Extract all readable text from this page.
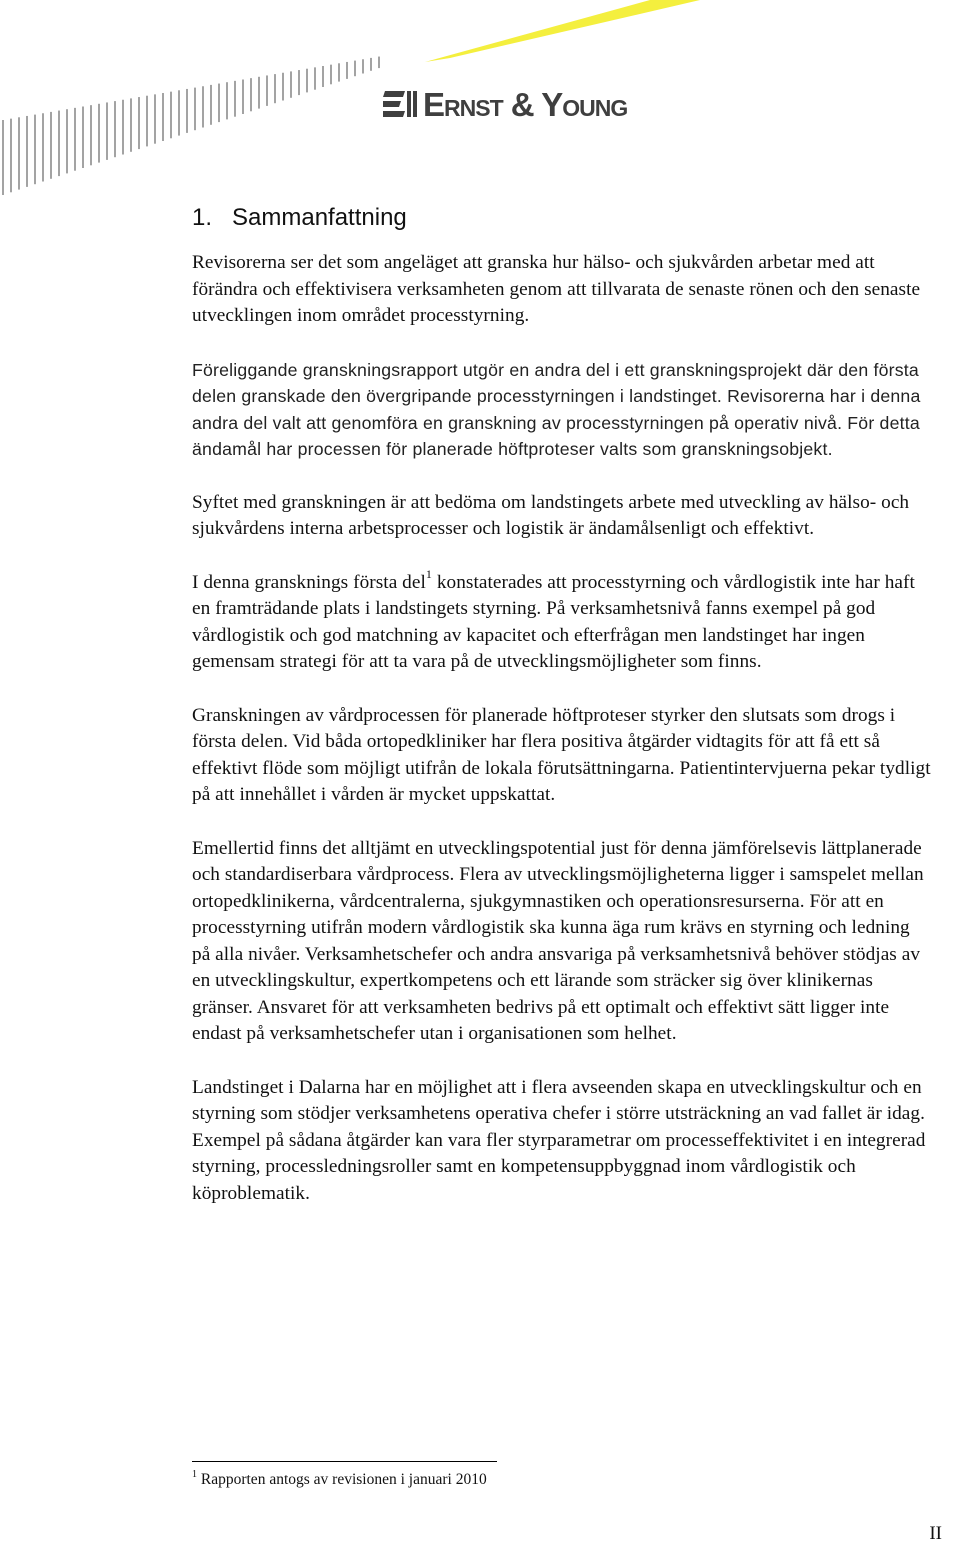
Ernst & Young
1. Sammanfattning

Revisorerna ser det som angeläget att granska hur hälso- och sjukvården arbetar med att förändra och effektivisera verksamheten genom att tillvarata de senaste rönen och den senaste utvecklingen inom området processtyrning.

Föreliggande granskningsrapport utgör en andra del i ett granskningsprojekt där den första delen granskade den övergripande processtyrningen i landstinget. Revisorerna har i denna andra del valt att genomföra en granskning av processtyrningen på operativ nivå. För detta ändamål har processen för planerade höftproteser valts som granskningsobjekt.

Syftet med granskningen är att bedöma om landstingets arbete med utveckling av hälso- och sjukvårdens interna arbetsprocesser och logistik är ändamålsenligt och effektivt.

I denna gransknings första del$^1$ konstaterades att processtyrning och vårdlogistik inte har haft en framträdande plats i landstingets styrning. På verksamhetsnivå fanns exempel på god vårdlogistik och god matchning av kapacitet och efterfrågan men landstinget har ingen gemensam strategi för att ta vara på de utvecklingsmöjligheter som finns.

Granskningen av vårdprocessen för planerade höftproteser styrker den slutsats som drogs i första delen. Vid båda ortopedkliniker har flera positiva åtgärder vidtagits för att få ett så effektivt flöde som möjligt utifrån de lokala förutsättningarna. Patientintervjuerna pekar tydligt på att innehållet i vården är mycket uppskattat.

Emellertid finns det alltjämt en utvecklingspotential just för denna jämförelsevis lättplanerade och standardiserbara vårdprocess. Flera av utvecklingsmöjligheterna ligger i samspelet mellan ortopedklinikerna, vårdcentralerna, sjukgymnastiken och operationsresurserna. För att en processtyrning utifrån modern vårdlogistik ska kunna äga rum krävs en styrning och ledning på alla nivåer. Verksamhetschefer och andra ansvariga på verksamhetsnivå behöver stödjas av en utvecklingskultur, expertkompetens och ett lärande som sträcker sig över klinikernas gränser. Ansvaret för att verksamheten bedrivs på ett optimalt och effektivt sätt ligger inte endast på verksamhetschefer utan i organisationen som helhet.

Landstinget i Dalarna har en möjlighet att i flera avseenden skapa en utvecklingskultur och en styrning som stödjer verksamhetens operativa chefer i större utsträckning an vad fallet är idag. Exempel på sådana åtgärder kan vara fler styrparametrar om processeffektivitet i en integrerad styrning, processledningsroller samt en kompetensuppbyggnad inom vårdlogistik och köproblematik.

$^1$ Rapporten antogs av revisionen i januari 2010
II
